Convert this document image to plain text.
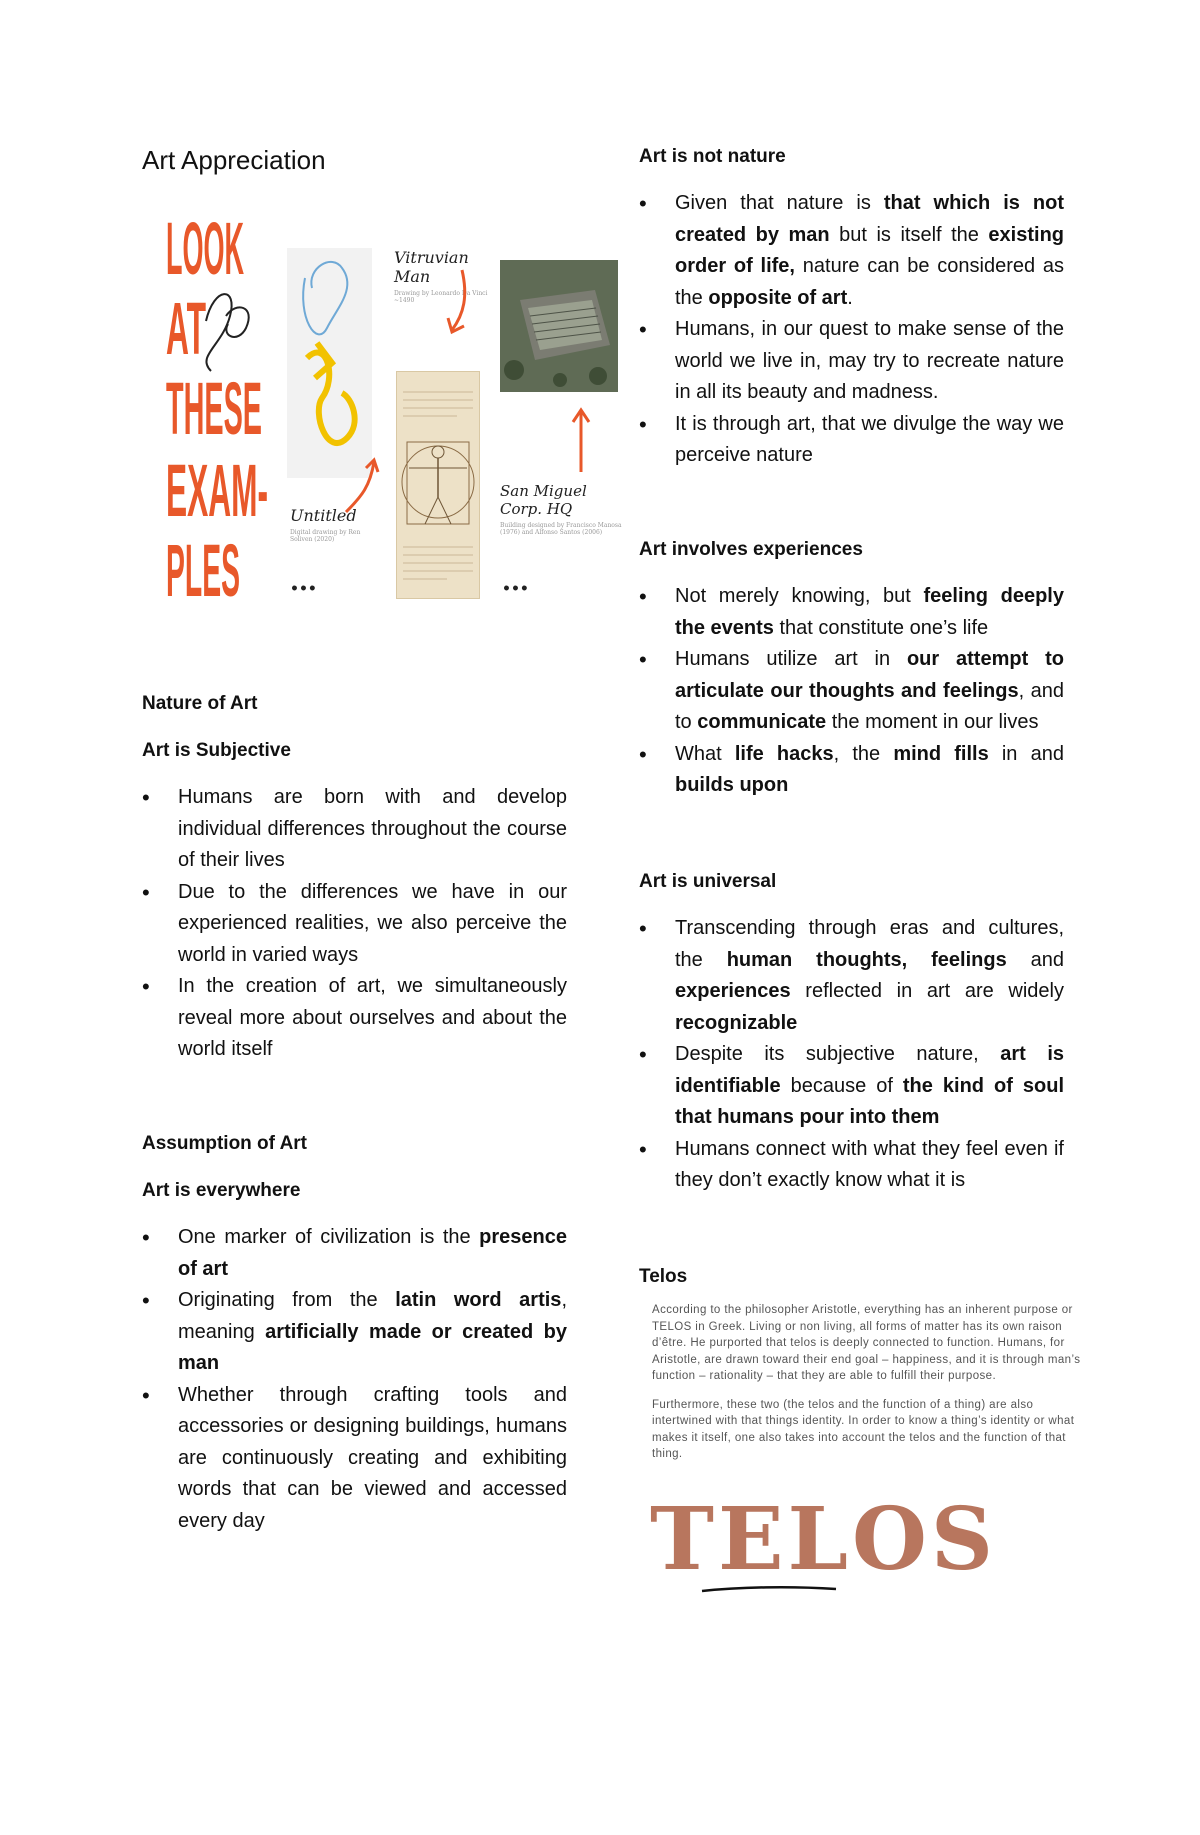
Art Appreciation
LOOK
AT
THESE
EXAM-
PLES
Untitled
Digital drawing by Ren Soliven (2020)
•••
Vitruvian Man
Drawing by Leonardo Da Vinci ~1490
San Miguel Corp. HQ
Building designed by Francisco Manosa (1976) and Alfonso Santos (2006)
•••
Nature of Art
Art is Subjective
• Humans are born with and develop individual differences throughout the course of their lives
• Due to the differences we have in our experienced realities, we also perceive the world in varied ways
• In the creation of art, we simultaneously reveal more about ourselves and about the world itself
Assumption of Art
Art is everywhere
• One marker of civilization is the presence of art
• Originating from the latin word artis, meaning artificially made or created by man
• Whether through crafting tools and accessories or designing buildings, humans are continuously creating and exhibiting words that can be viewed and accessed every day
Art is not nature
• Given that nature is that which is not created by man but is itself the existing order of life, nature can be considered as the opposite of art.
• Humans, in our quest to make sense of the world we live in, may try to recreate nature in all its beauty and madness.
• It is through art, that we divulge the way we perceive nature
Art involves experiences
• Not merely knowing, but feeling deeply the events that constitute one’s life
• Humans utilize art in our attempt to articulate our thoughts and feelings, and to communicate the moment in our lives
• What life hacks, the mind fills in and builds upon
Art is universal
• Transcending through eras and cultures, the human thoughts, feelings and experiences reflected in art are widely recognizable
• Despite its subjective nature, art is identifiable because of the kind of soul that humans pour into them
• Humans connect with what they feel even if they don’t exactly know what it is
Telos

According to the philosopher Aristotle, everything has an inherent purpose or TELOS in Greek. Living or non living, all forms of matter has its own raison d’être. He purported that telos is deeply connected to function. Humans, for Aristotle, are drawn toward their end goal – happiness, and it is through man’s function – rationality – that they are able to fulfill their purpose.

Furthermore, these two (the telos and the function of a thing) are also intertwined with that things identity. In order to know a thing’s identity or what makes it itself, one also takes into account the telos and the function of that thing.

TELOS
